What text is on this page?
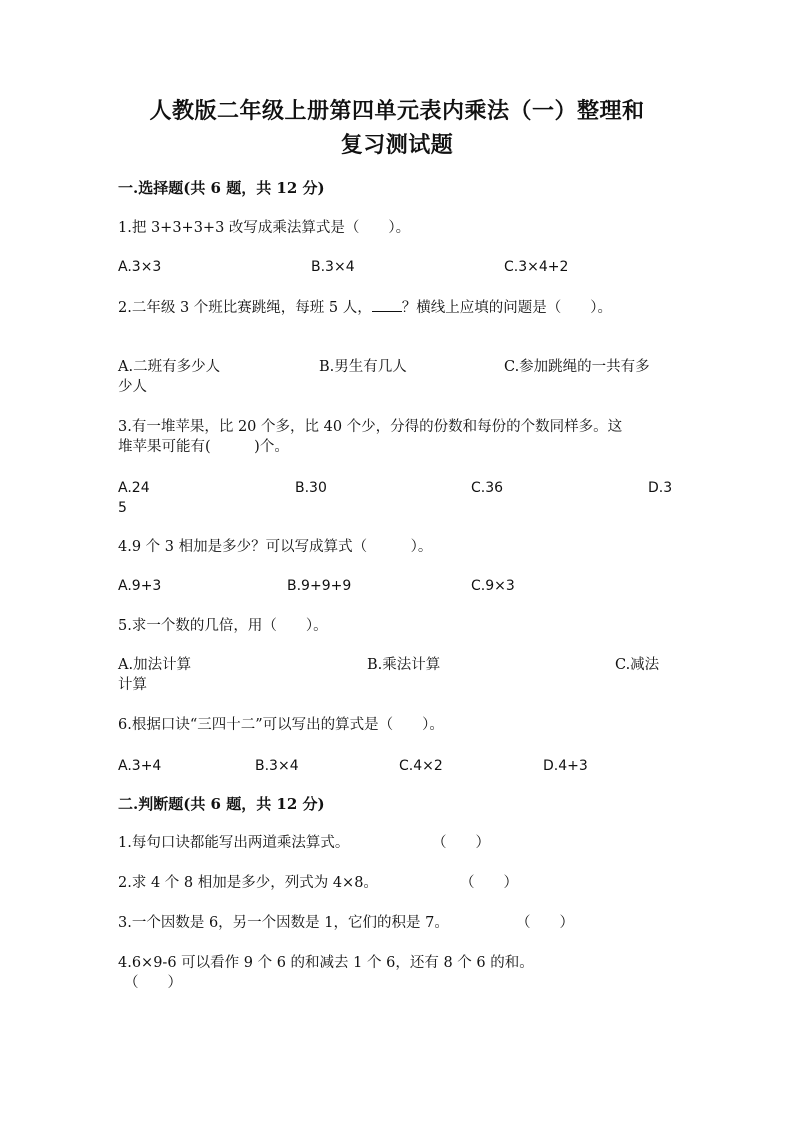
人教版二年级上册第四单元表内乘法（一）整理和
复习测试题
一.选择题(共 6 题，共 12 分)
1.把 3+3+3+3 改写成乘法算式是（　　）。
A.3×3	B.3×4	C.3×4+2
2.二年级 3 个班比赛跳绳，每班 5 人， ？横线上应填的问题是（　　）。
A.二班有多少人	B.男生有几人	C.参加跳绳的一共有多
少人
3.有一堆苹果，比 20 个多，比 40 个少，分得的份数和每份的个数同样多。这
堆苹果可能有(　　　)个。
A.24	B.30	C.36	D.3
5
4.9 个 3 相加是多少？可以写成算式（　　　）。
A.9+3	B.9+9+9	C.9×3
5.求一个数的几倍，用（　　）。
A.加法计算	B.乘法计算	C.减法
计算
6.根据口诀“三四十二”可以写出的算式是（　　）。
A.3+4	B.3×4	C.4×2	D.4+3
二.判断题(共 6 题，共 12 分)
1.每句口诀都能写出两道乘法算式。	（　　）
2.求 4 个 8 相加是多少，列式为 4×8。	（　　）
3.一个因数是 6，另一个因数是 1，它们的积是 7。	（　　）
4.6×9-6 可以看作 9 个 6 的和减去 1 个 6，还有 8 个 6 的和。
（　　）
